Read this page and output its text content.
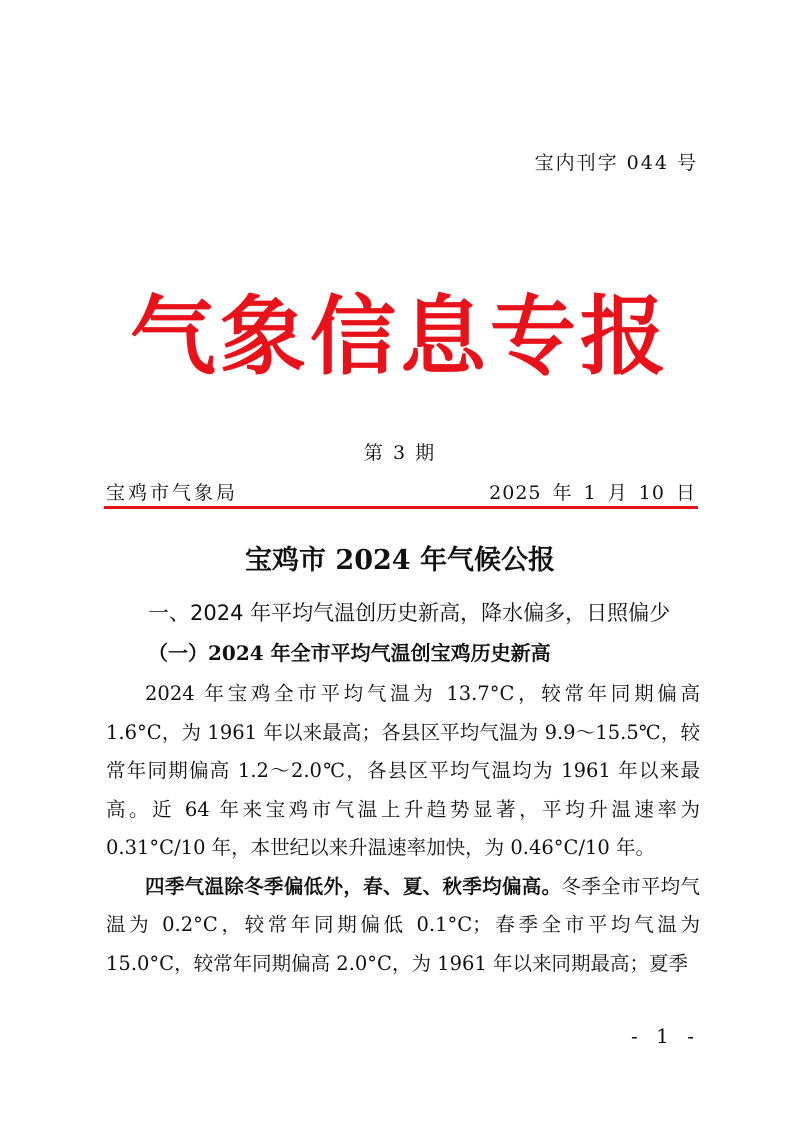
宝内刊字 044 号
气象信息专报
第 3 期
宝鸡市气象局	2025 年 1 月 10 日
宝鸡市 2024 年气候公报
一、2024 年平均气温创历史新高，降水偏多，日照偏少
（一）2024 年全市平均气温创宝鸡历史新高

2024 年宝鸡全市平均气温为 13.7°C，较常年同期偏高 1.6°C，为 1961 年以来最高；各县区平均气温为 9.9～15.5℃，较常年同期偏高 1.2～2.0℃，各县区平均气温均为 1961 年以来最高。近 64 年来宝鸡市气温上升趋势显著，平均升温速率为 0.31°C/10 年，本世纪以来升温速率加快，为 0.46°C/10 年。

四季气温除冬季偏低外，春、夏、秋季均偏高。冬季全市平均气温为 0.2°C，较常年同期偏低 0.1°C；春季全市平均气温为 15.0°C，较常年同期偏高 2.0°C，为 1961 年以来同期最高；夏季

- 1 -
